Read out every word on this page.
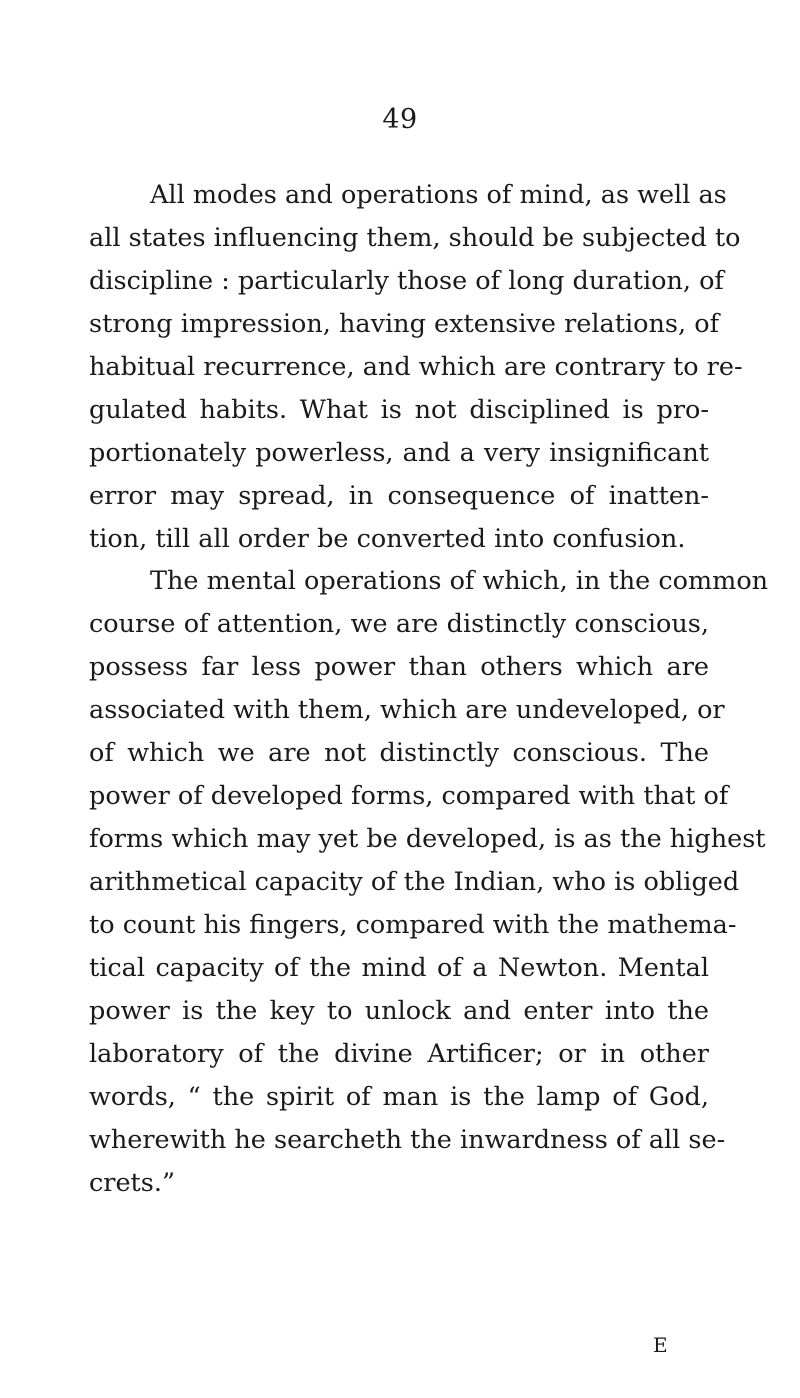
49

All modes and operations of mind, as well as
all states influencing them, should be subjected to
discipline : particularly those of long duration, of
strong impression, having extensive relations, of
habitual recurrence, and which are contrary to re-
gulated habits. What is not disciplined is pro-
portionately powerless, and a very insignificant
error may spread, in consequence of inatten-
tion, till all order be converted into confusion.

The mental operations of which, in the common
course of attention, we are distinctly conscious,
possess far less power than others which are
associated with them, which are undeveloped, or
of which we are not distinctly conscious. The
power of developed forms, compared with that of
forms which may yet be developed, is as the highest
arithmetical capacity of the Indian, who is obliged
to count his fingers, compared with the mathema-
tical capacity of the mind of a Newton. Mental
power is the key to unlock and enter into the
laboratory of the divine Artificer; or in other
words, “ the spirit of man is the lamp of God,
wherewith he searcheth the inwardness of all se-
crets.”

E
